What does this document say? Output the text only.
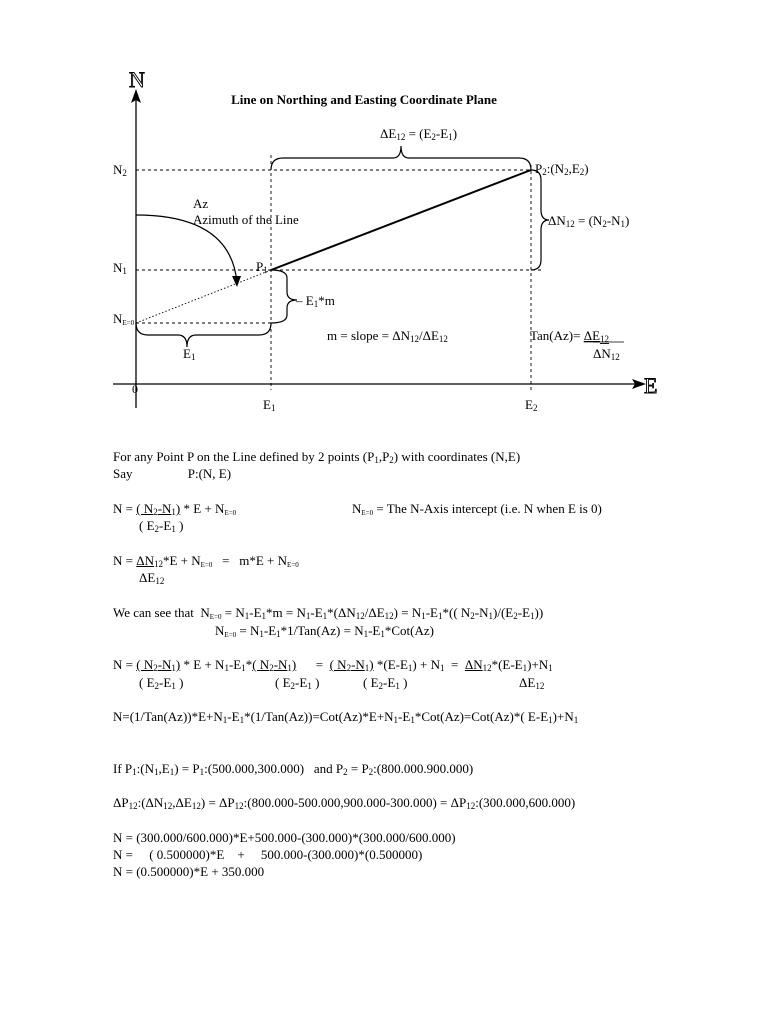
N
E
Line on Northing and Easting Coordinate Plane
ΔE12 = (E2-E1)
N2
N1
NE=0
P2:(N2,E2)
Az
Azimuth of the Line	ΔN12 = (N2-N1)
P1
– E1*m
m = slope = ΔN12/ΔE12	Tan(Az)= ΔE12
ΔN12
E1
0
E1	E2
For any Point P on the Line defined by 2 points $(P_1,P_2)$ with coordinates (N,E)
Say                 P:(N, E)
N = ( $N_2-N_1) * E + NE=0$
( $E_2-E_1$ )
NE=0 = The N-Axis intercept (i.e. N when E is 0)
$N = \Delta N_{12}*E + NE=0 = m*E + NE=0$
$\Delta E_{12}$
We can see that  $NE=0 = N_1-E_1*m = N_1-E_1*(\Delta N_{12}/\Delta E_{12}) = N_1-E_1*$(( $N_2-N_1)/(E_2-E_1)$)
$NE=0 = N_1-E_1*1/Tan(Az) = N_1-E_1*Cot(Az)$
N = ( $N_2-N_1) * E + N_1-E_1*$( $N_2-N_1$)      =  ( $N_2-N_1$) $*(E-E_1) + N_1 = \Delta N_{12}*(E-E_1)+N_1$
( $E_2-E_1$ )	( $E_2-E_1$ )	( $E_2-E_1$ )	$\Delta E_{12}$
$N=(1/Tan(Az))*E+N_1-E_1*(1/Tan(Az))=Cot(Az)*E+N_1-E_1*Cot(Az)=Cot(Az)*$( $E-E_1)+N_1$
If $P_1:(N_1,E_1)$ = $P_1:(500.000,300.000)$   and $P_2$ = $P_2:(800.000.900.000)$
$\Delta P_{12}:(\Delta N_{12},\Delta E_{12})$ = $\Delta P_{12}:(800.000-500.000,900.000-300.000)$ = $\Delta P_{12}:(300.000,600.000)$
N = (300.000/600.000)*E+500.000-(300.000)*(300.000/600.000)
N =     ( 0.500000)*E    +     500.000-(300.000)*(0.500000)
N = (0.500000)*E + 350.000
